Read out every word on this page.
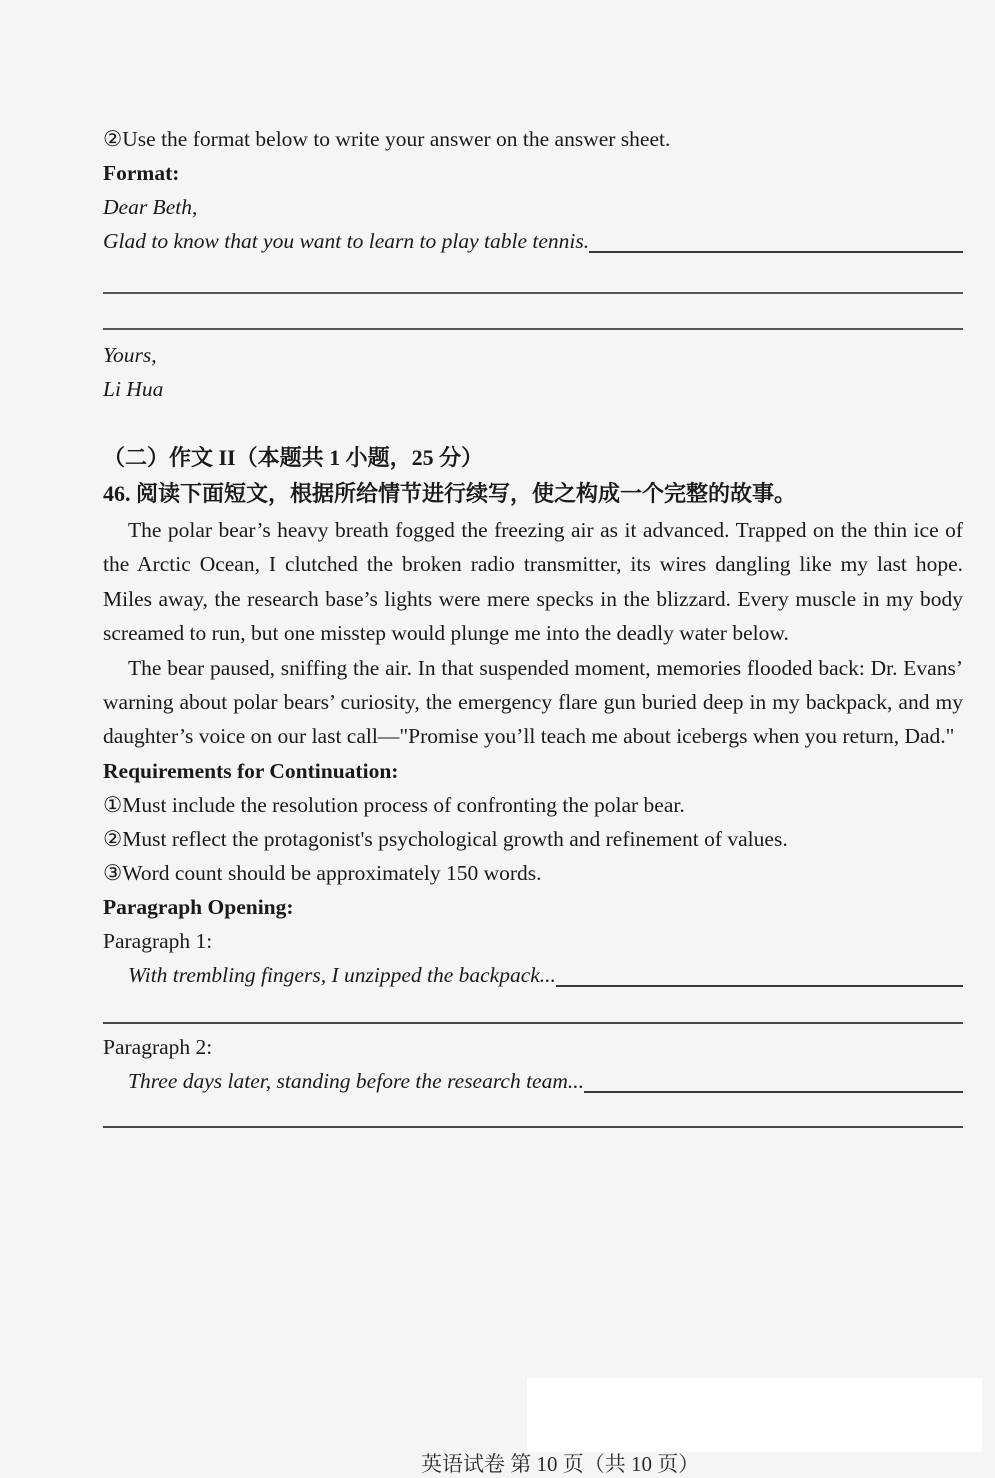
②Use the format below to write your answer on the answer sheet.
Format:
Dear Beth,
Glad to know that you want to learn to play table tennis.
Yours,
Li Hua
（二）作文 II（本题共 1 小题，25 分）
46. 阅读下面短文，根据所给情节进行续写，使之构成一个完整的故事。

The polar bear’s heavy breath fogged the freezing air as it advanced. Trapped on the thin ice of the Arctic Ocean, I clutched the broken radio transmitter, its wires dangling like my last hope. Miles away, the research base’s lights were mere specks in the blizzard. Every muscle in my body screamed to run, but one misstep would plunge me into the deadly water below.

The bear paused, sniffing the air. In that suspended moment, memories flooded back: Dr. Evans’ warning about polar bears’ curiosity, the emergency flare gun buried deep in my backpack, and my daughter’s voice on our last call—"Promise you’ll teach me about icebergs when you return, Dad."

Requirements for Continuation:
①Must include the resolution process of confronting the polar bear.
②Must reflect the protagonist's psychological growth and refinement of values.
③Word count should be approximately 150 words.
Paragraph Opening:
Paragraph 1:
With trembling fingers, I unzipped the backpack...
Paragraph 2:
Three days later, standing before the research team...
英语试卷 第 10 页（共 10 页）
